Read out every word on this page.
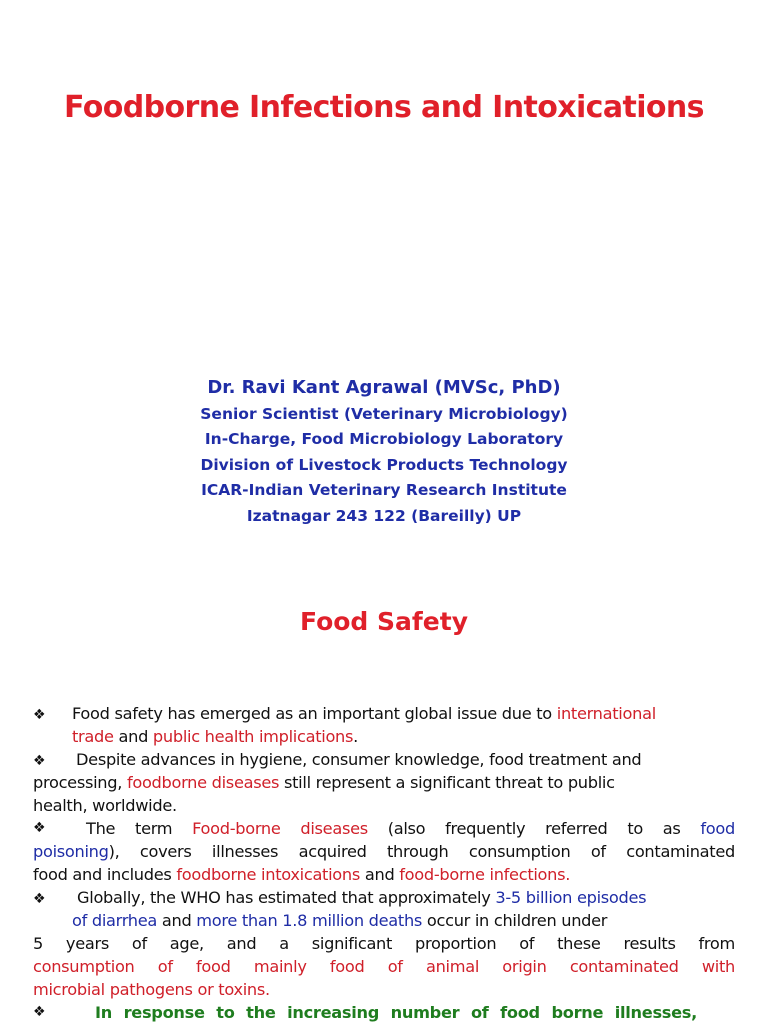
Foodborne Infections and Intoxications
Dr. Ravi Kant Agrawal (MVSc, PhD)
Senior Scientist (Veterinary Microbiology)
In-Charge, Food Microbiology Laboratory
Division of Livestock Products Technology
ICAR-Indian Veterinary Research Institute
Izatnagar 243 122 (Bareilly) UP
Food Safety
❖ Food safety has emerged as an important global issue due to international
trade and public health implications.
❖ Despite advances in hygiene, consumer knowledge, food treatment and
processing, foodborne diseases still represent a significant threat to public
health, worldwide.
❖	The term Food-borne diseases (also frequently referred to as food
poisoning), covers illnesses acquired through consumption of contaminated
food and includes foodborne intoxications and food-borne infections.
❖ Globally, the WHO has estimated that approximately 3-5 billion episodes
of diarrhea and more than 1.8 million deaths occur in children under
5 years of age, and a significant proportion of these results from
consumption of food mainly food of animal origin contaminated with
microbial pathogens or toxins.
❖	In response to the increasing number of food borne illnesses,
